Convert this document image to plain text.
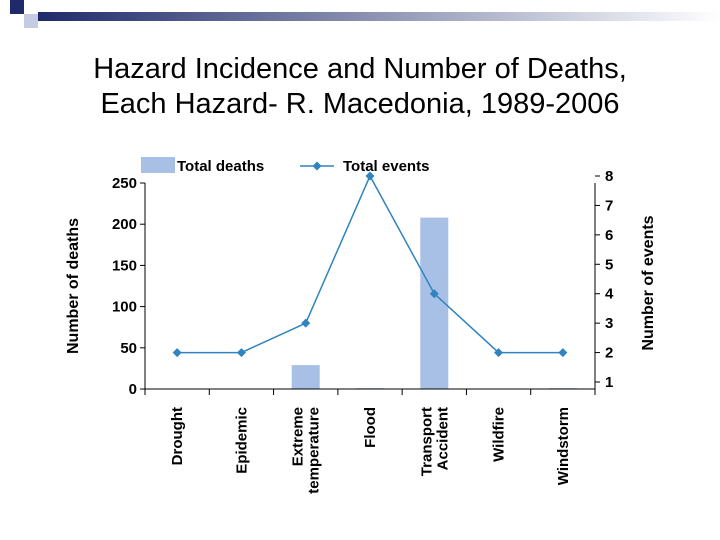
Hazard Incidence and Number of Deaths,
Each Hazard- R. Macedonia, 1989-2006
0
50
100
150
200
250
1
2
3
4
5
6
7
8
Drought	Epidemic	Extreme temperature	Flood	Transport Accident	Wildfire	Windstorm
Number of deaths	Number of events
Total deaths	Total events
